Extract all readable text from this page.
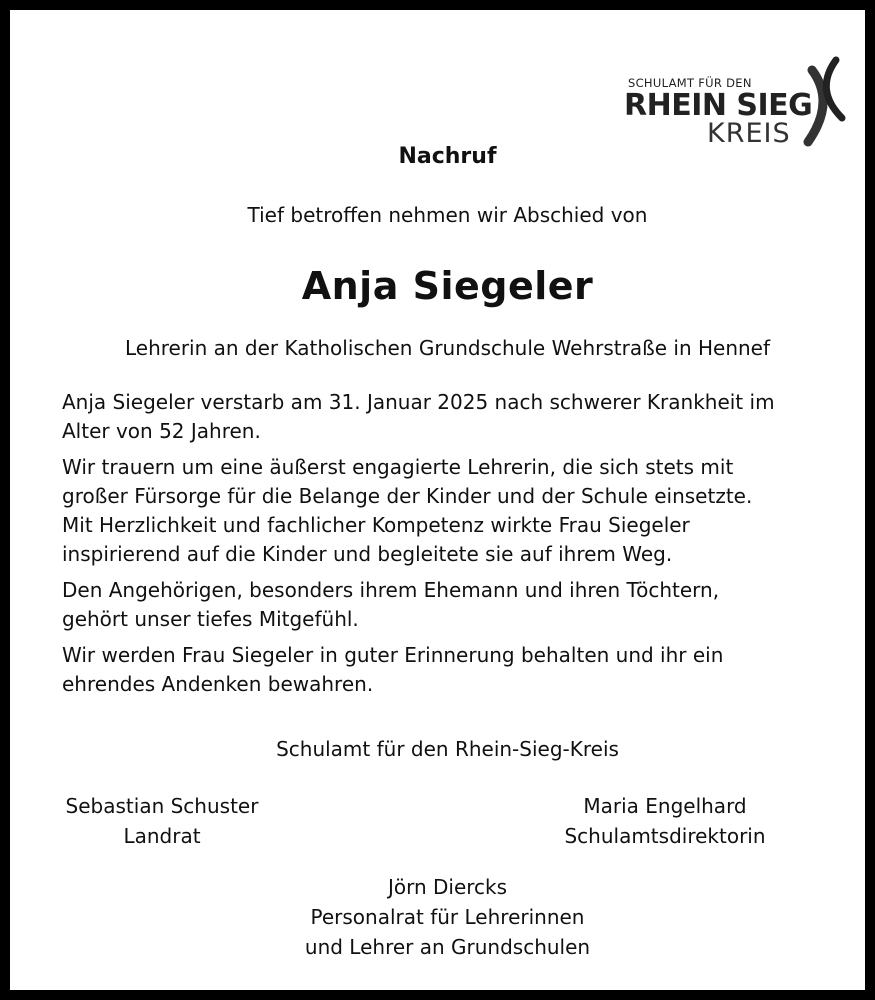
SCHULAMT FÜR DEN
RHEIN SIEG
KREIS
Nachruf
Tief betroffen nehmen wir Abschied von
Anja Siegeler
Lehrerin an der Katholischen Grundschule Wehrstraße in Hennef

Anja Siegeler verstarb am 31. Januar 2025 nach schwerer Krankheit im
Alter von 52 Jahren.

Wir trauern um eine äußerst engagierte Lehrerin, die sich stets mit
großer Fürsorge für die Belange der Kinder und der Schule einsetzte.
Mit Herzlichkeit und fachlicher Kompetenz wirkte Frau Siegeler
inspirierend auf die Kinder und begleitete sie auf ihrem Weg.

Den Angehörigen, besonders ihrem Ehemann und ihren Töchtern,
gehört unser tiefes Mitgefühl.

Wir werden Frau Siegeler in guter Erinnerung behalten und ihr ein
ehrendes Andenken bewahren.

Schulamt für den Rhein-Sieg-Kreis
Sebastian Schuster
Landrat
Maria Engelhard
Schulamtsdirektorin
Jörn Diercks
Personalrat für Lehrerinnen
und Lehrer an Grundschulen
